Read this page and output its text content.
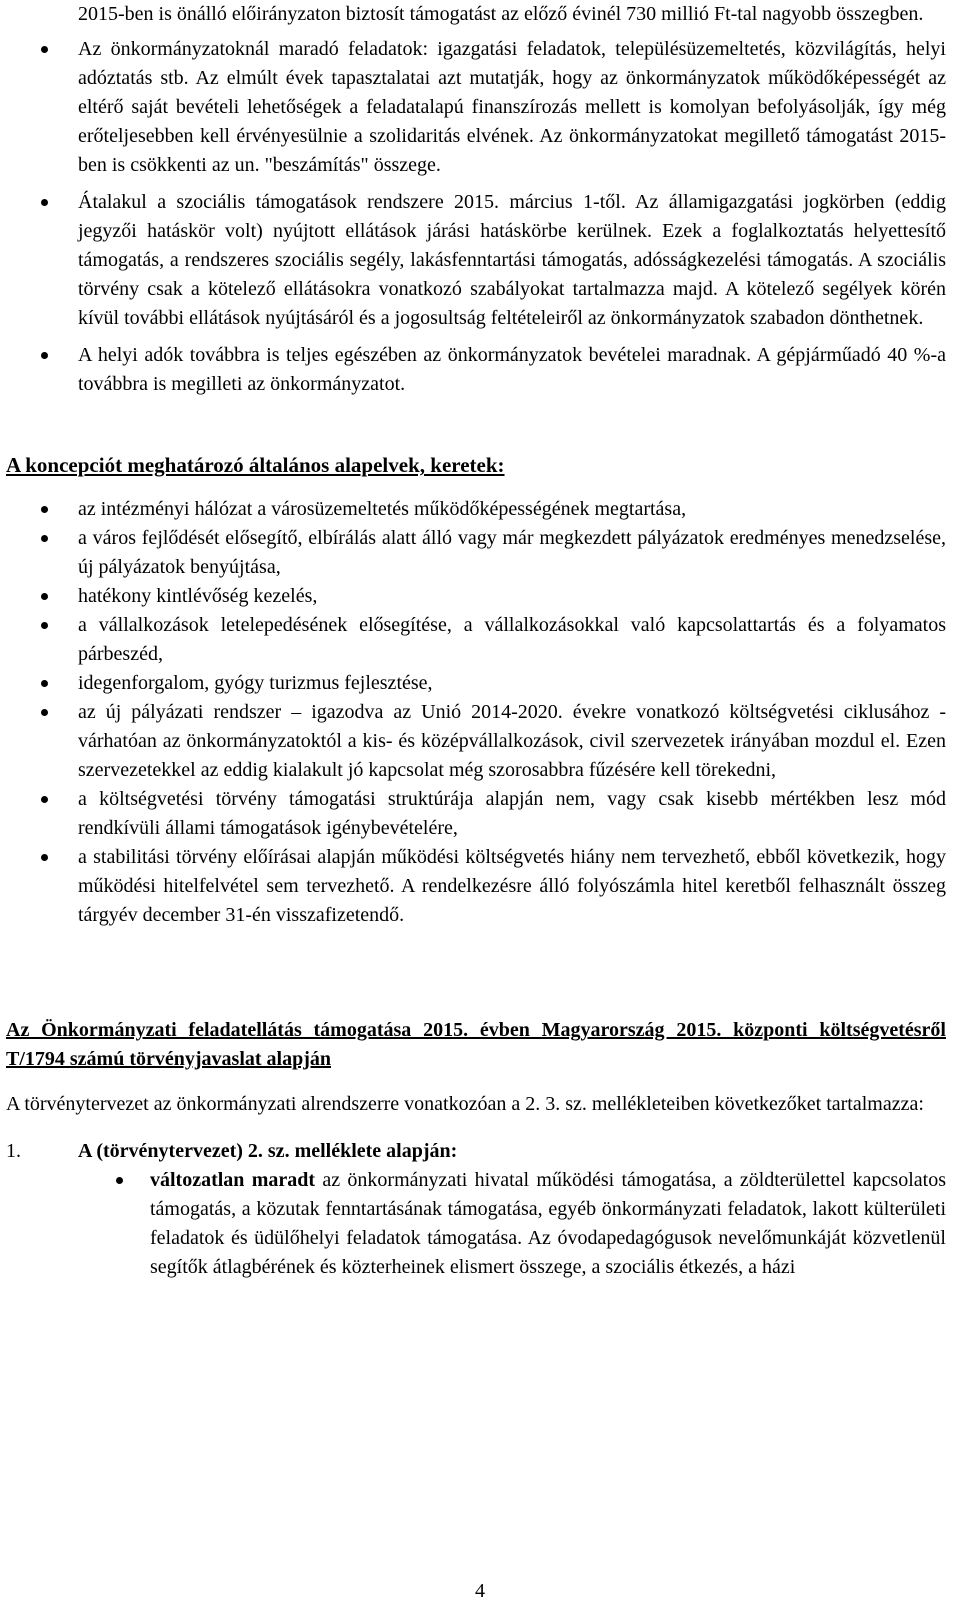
2015-ben is önálló előirányzaton biztosít támogatást az előző évinél 730 millió Ft-tal nagyobb összegben.

Az önkormányzatoknál maradó feladatok: igazgatási feladatok, településüzemeltetés, közvilágítás, helyi adóztatás stb. Az elmúlt évek tapasztalatai azt mutatják, hogy az önkormányzatok működőképességét az eltérő saját bevételi lehetőségek a feladatalapú finanszírozás mellett is komolyan befolyásolják, így még erőteljesebben kell érvényesülnie a szolidaritás elvének. Az önkormányzatokat megillető támogatást 2015-ben is csökkenti az un. "beszámítás" összege.
Átalakul a szociális támogatások rendszere 2015. március 1-től. Az államigazgatási jogkörben (eddig jegyzői hatáskör volt) nyújtott ellátások járási hatáskörbe kerülnek. Ezek a foglalkoztatás helyettesítő támogatás, a rendszeres szociális segély, lakásfenntartási támogatás, adósságkezelési támogatás. A szociális törvény csak a kötelező ellátásokra vonatkozó szabályokat tartalmazza majd. A kötelező segélyek körén kívül további ellátások nyújtásáról és a jogosultság feltételeiről az önkormányzatok szabadon dönthetnek.
A helyi adók továbbra is teljes egészében az önkormányzatok bevételei maradnak. A gépjárműadó 40 %-a továbbra is megilleti az önkormányzatot.

A koncepciót meghatározó általános alapelvek, keretek:

az intézményi hálózat a városüzemeltetés működőképességének megtartása,
a város fejlődését elősegítő, elbírálás alatt álló vagy már megkezdett pályázatok eredményes menedzselése, új pályázatok benyújtása,
hatékony kintlévőség kezelés,
a vállalkozások letelepedésének elősegítése, a vállalkozásokkal való kapcsolattartás és a folyamatos párbeszéd,
idegenforgalom, gyógy turizmus fejlesztése,
az új pályázati rendszer – igazodva az Unió 2014-2020. évekre vonatkozó költségvetési ciklusához - várhatóan az önkormányzatoktól a kis- és középvállalkozások, civil szervezetek irányában mozdul el. Ezen szervezetekkel az eddig kialakult jó kapcsolat még szorosabbra fűzésére kell törekedni,
a költségvetési törvény támogatási struktúrája alapján nem, vagy csak kisebb mértékben lesz mód rendkívüli állami támogatások igénybevételére,
a stabilitási törvény előírásai alapján működési költségvetés hiány nem tervezhető, ebből következik, hogy működési hitelfelvétel sem tervezhető. A rendelkezésre álló folyószámla hitel keretből felhasznált összeg tárgyév december 31-én visszafizetendő.

Az Önkormányzati feladatellátás támogatása 2015. évben Magyarország 2015. központi költségvetésről T/1794 számú törvényjavaslat alapján

A törvénytervezet az önkormányzati alrendszerre vonatkozóan a 2. 3. sz. mellékleteiben következőket tartalmazza:

1.	A (törvénytervezet) 2. sz. melléklete alapján:
változatlan maradt az önkormányzati hivatal működési támogatása, a zöldterülettel kapcsolatos támogatás, a közutak fenntartásának támogatása, egyéb önkormányzati feladatok, lakott külterületi feladatok és üdülőhelyi feladatok támogatása. Az óvodapedagógusok nevelőmunkáját közvetlenül segítők átlagbérének és közterheinek elismert összege, a szociális étkezés, a házi
4
